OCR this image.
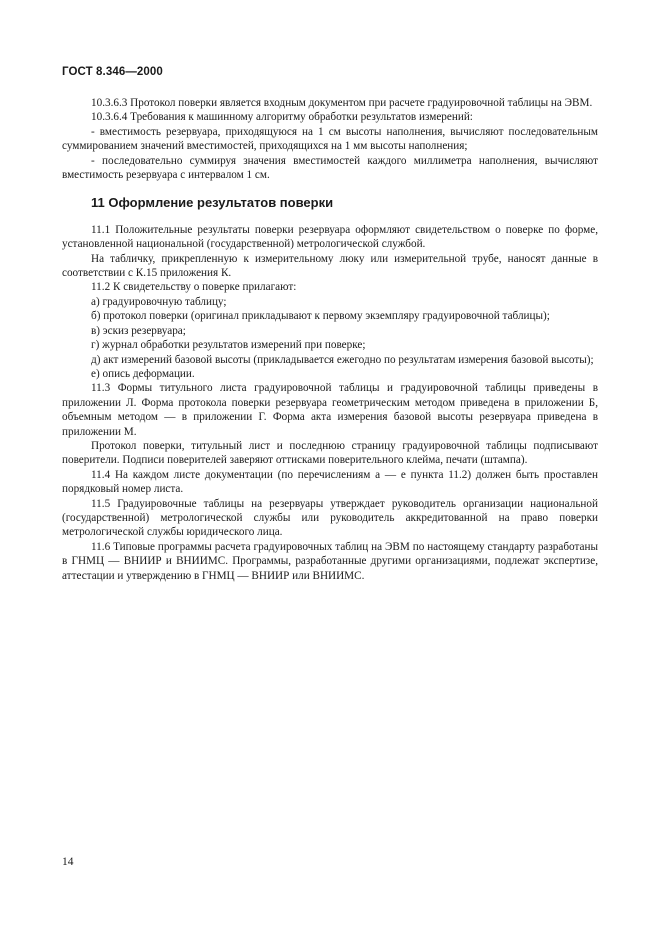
ГОСТ 8.346—2000

10.3.6.3 Протокол поверки является входным документом при расчете градуировочной таблицы на ЭВМ.

10.3.6.4 Требования к машинному алгоритму обработки результатов измерений:

- вместимость резервуара, приходящуюся на 1 см высоты наполнения, вычисляют последовательным суммированием значений вместимостей, приходящихся на 1 мм высоты наполнения;

- последовательно суммируя значения вместимостей каждого миллиметра наполнения, вычисляют вместимость резервуара с интервалом 1 см.

11 Оформление результатов поверки

11.1 Положительные результаты поверки резервуара оформляют свидетельством о поверке по форме, установленной национальной (государственной) метрологической службой.

На табличку, прикрепленную к измерительному люку или измерительной трубе, наносят данные в соответствии с К.15 приложения К.

11.2 К свидетельству о поверке прилагают:

а) градуировочную таблицу;

б) протокол поверки (оригинал прикладывают к первому экземпляру градуировочной таблицы);

в) эскиз резервуара;

г) журнал обработки результатов измерений при поверке;

д) акт измерений базовой высоты (прикладывается ежегодно по результатам измерения базовой высоты);

е) опись деформации.

11.3 Формы титульного листа градуировочной таблицы и градуировочной таблицы приведены в приложении Л. Форма протокола поверки резервуара геометрическим методом приведена в приложении Б, объемным методом — в приложении Г. Форма акта измерения базовой высоты резервуара приведена в приложении М.

Протокол поверки, титульный лист и последнюю страницу градуировочной таблицы подписывают поверители. Подписи поверителей заверяют оттисками поверительного клейма, печати (штампа).

11.4 На каждом листе документации (по перечислениям а — е пункта 11.2) должен быть проставлен порядковый номер листа.

11.5 Градуировочные таблицы на резервуары утверждает руководитель организации национальной (государственной) метрологической службы или руководитель аккредитованной на право поверки метрологической службы юридического лица.

11.6 Типовые программы расчета градуировочных таблиц на ЭВМ по настоящему стандарту разработаны в ГНМЦ — ВНИИР и ВНИИМС. Программы, разработанные другими организациями, подлежат экспертизе, аттестации и утверждению в ГНМЦ — ВНИИР или ВНИИМС.

14
